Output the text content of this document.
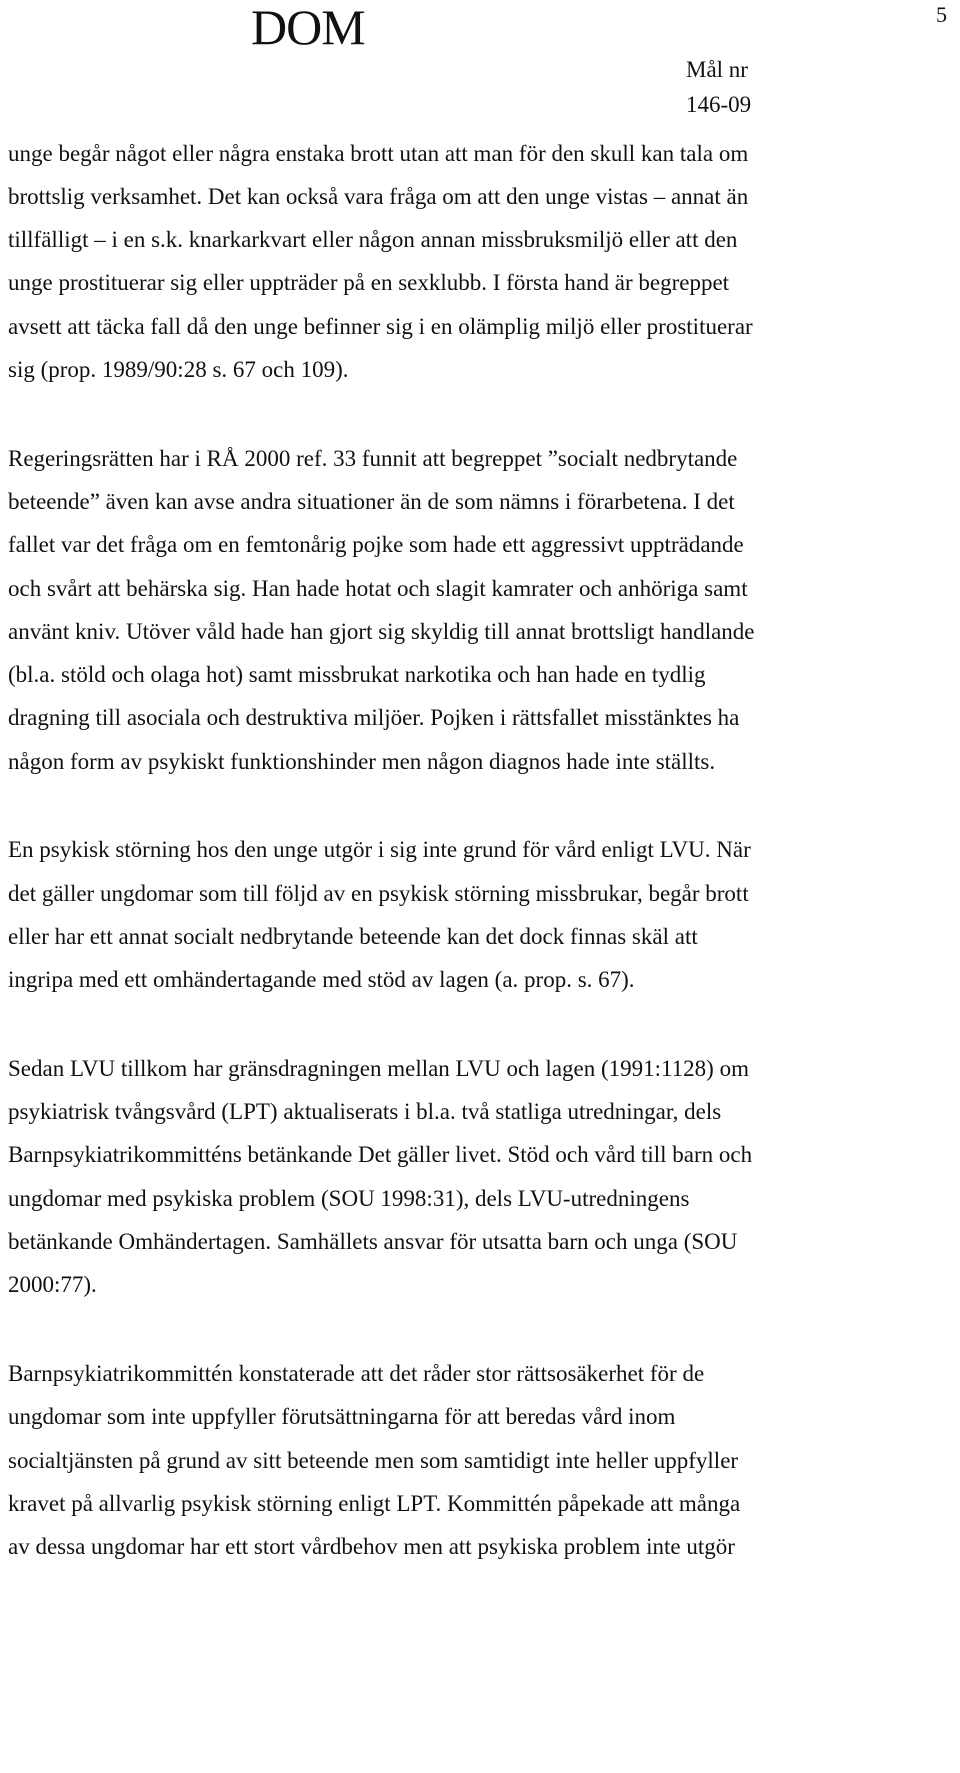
DOM	5
Mål nr
146-09
unge begår något eller några enstaka brott utan att man för den skull kan tala om
brottslig verksamhet. Det kan också vara fråga om att den unge vistas – annat än
tillfälligt – i en s.k. knarkarkvart eller någon annan missbruksmiljö eller att den
unge prostituerar sig eller uppträder på en sexklubb. I första hand är begreppet
avsett att täcka fall då den unge befinner sig i en olämplig miljö eller prostituerar
sig (prop. 1989/90:28 s. 67 och 109).
Regeringsrätten har i RÅ 2000 ref. 33 funnit att begreppet ”socialt nedbrytande
beteende” även kan avse andra situationer än de som nämns i förarbetena. I det
fallet var det fråga om en femtonårig pojke som hade ett aggressivt uppträdande
och svårt att behärska sig. Han hade hotat och slagit kamrater och anhöriga samt
använt kniv. Utöver våld hade han gjort sig skyldig till annat brottsligt handlande
(bl.a. stöld och olaga hot) samt missbrukat narkotika och han hade en tydlig
dragning till asociala och destruktiva miljöer. Pojken i rättsfallet misstänktes ha
någon form av psykiskt funktionshinder men någon diagnos hade inte ställts.
En psykisk störning hos den unge utgör i sig inte grund för vård enligt LVU. När
det gäller ungdomar som till följd av en psykisk störning missbrukar, begår brott
eller har ett annat socialt nedbrytande beteende kan det dock finnas skäl att
ingripa med ett omhändertagande med stöd av lagen (a. prop. s. 67).
Sedan LVU tillkom har gränsdragningen mellan LVU och lagen (1991:1128) om
psykiatrisk tvångsvård (LPT) aktualiserats i bl.a. två statliga utredningar, dels
Barnpsykiatrikommitténs betänkande Det gäller livet. Stöd och vård till barn och
ungdomar med psykiska problem (SOU 1998:31), dels LVU-utredningens
betänkande Omhändertagen. Samhällets ansvar för utsatta barn och unga (SOU
2000:77).
Barnpsykiatrikommittén konstaterade att det råder stor rättsosäkerhet för de
ungdomar som inte uppfyller förutsättningarna för att beredas vård inom
socialtjänsten på grund av sitt beteende men som samtidigt inte heller uppfyller
kravet på allvarlig psykisk störning enligt LPT. Kommittén påpekade att många
av dessa ungdomar har ett stort vårdbehov men att psykiska problem inte utgör
